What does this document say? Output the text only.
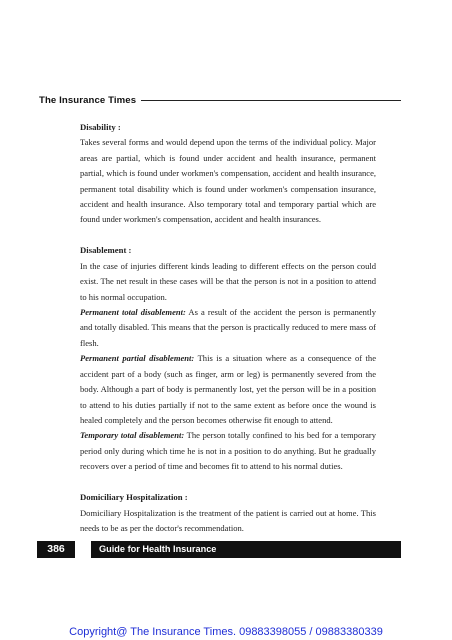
The Insurance Times

Disability :

Takes several forms and would depend upon the terms of the individual policy. Major areas are partial, which is found under accident and health insurance, permanent partial, which is found under workmen's compensation, accident and health insurance, permanent total disability which is found under workmen's compensation insurance, accident and health insurance. Also temporary total and temporary partial which are found under workmen's compensation, accident and health insurances.

Disablement :

In the case of injuries different kinds leading to different effects on the person could exist. The net result in these cases will be that the person is not in a position to attend to his normal occupation.

Permanent total disablement: As a result of the accident the person is permanently and totally disabled. This means that the person is practically reduced to mere mass of flesh.

Permanent partial disablement: This is a situation where as a consequence of the accident part of a body (such as finger, arm or leg) is permanently severed from the body. Although a part of body is permanently lost, yet the person will be in a position to attend to his duties partially if not to the same extent as before once the wound is healed completely and the person becomes otherwise fit enough to attend.

Temporary total disablement: The person totally confined to his bed for a temporary period only during which time he is not in a position to do anything. But he gradually recovers over a period of time and becomes fit to attend to his normal duties.

Domiciliary Hospitalization :

Domiciliary Hospitalization is the treatment of the patient is carried out at home. This needs to be as per the doctor's recommendation.

386	Guide for Health Insurance
Copyright@ The Insurance Times. 09883398055 / 09883380339
